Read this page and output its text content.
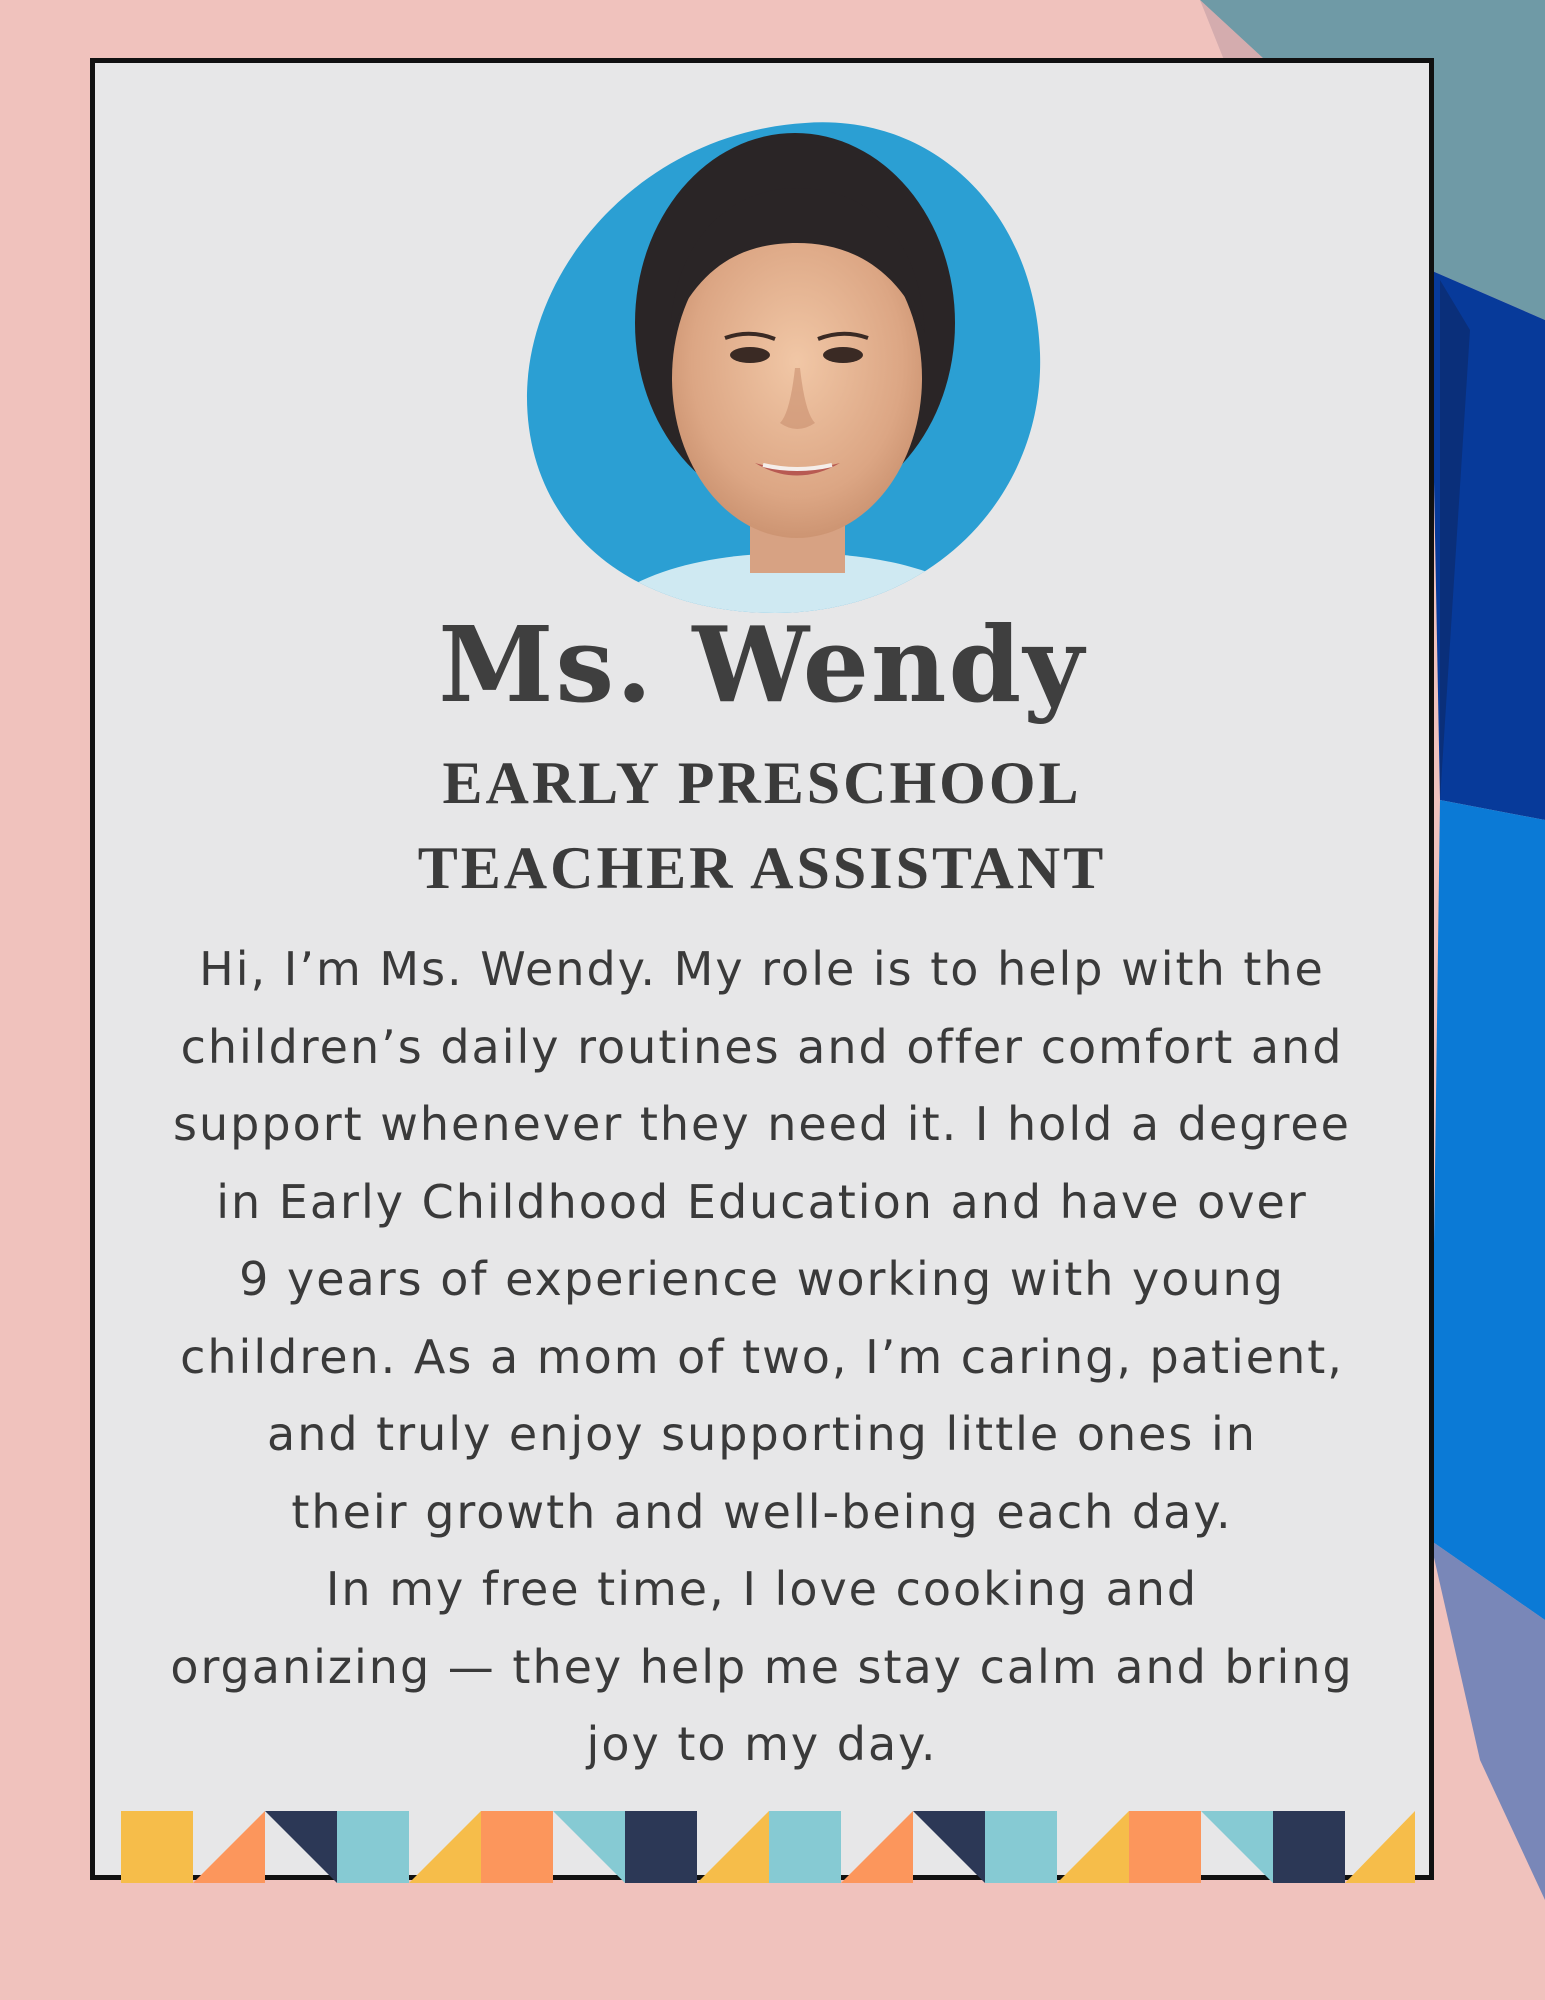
Ms. Wendy
EARLY PRESCHOOL
TEACHER ASSISTANT
Hi, I’m Ms. Wendy. My role is to help with the
children’s daily routines and offer comfort and
support whenever they need it. I hold a degree
in Early Childhood Education and have over
9 years of experience working with young
children. As a mom of two, I’m caring, patient,
and truly enjoy supporting little ones in
their growth and well-being each day.
In my free time, I love cooking and
organizing — they help me stay calm and bring
joy to my day.
